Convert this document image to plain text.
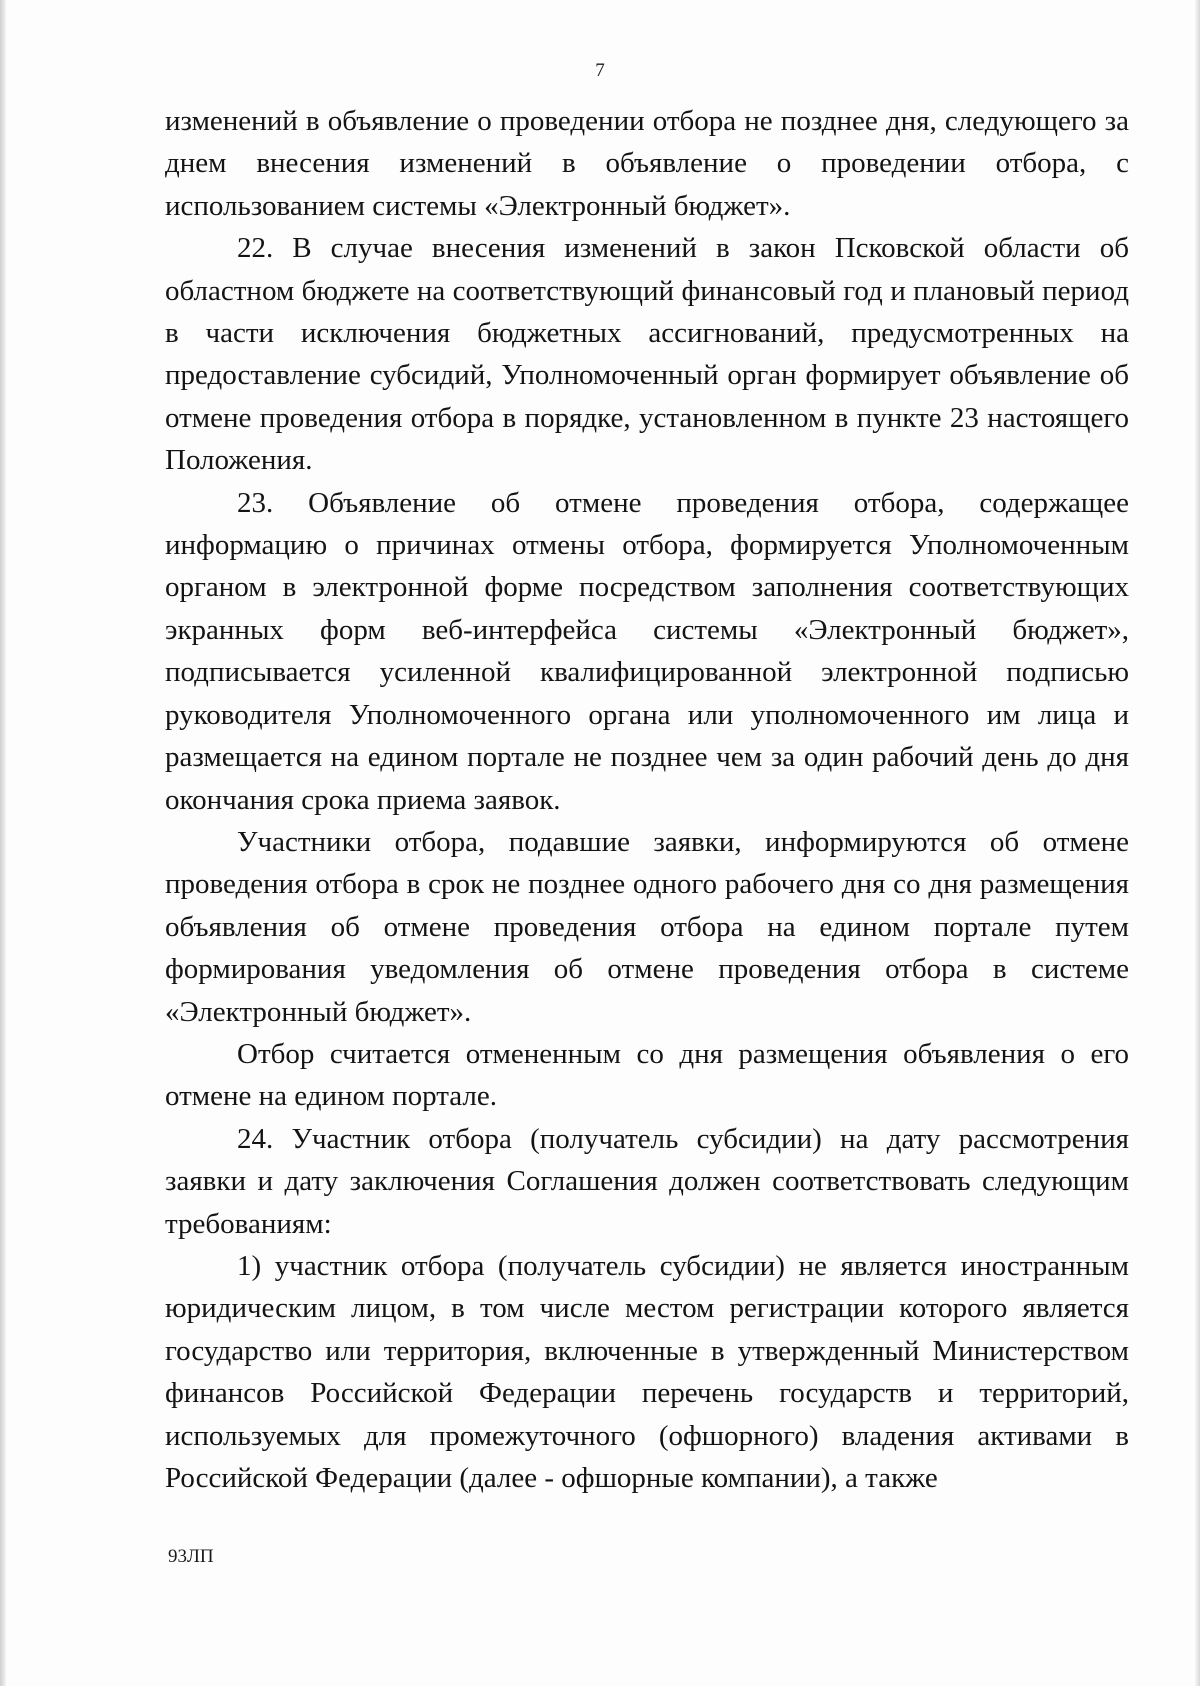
7

изменений в объявление о проведении отбора не позднее дня, следующего за днем внесения изменений в объявление о проведении отбора, с использованием системы «Электронный бюджет».

22. В случае внесения изменений в закон Псковской области об областном бюджете на соответствующий финансовый год и плановый период в части исключения бюджетных ассигнований, предусмотренных на предоставление субсидий, Уполномоченный орган формирует объявление об отмене проведения отбора в порядке, установленном в пункте 23 настоящего Положения.

23. Объявление об отмене проведения отбора, содержащее информацию о причинах отмены отбора, формируется Уполномоченным органом в электронной форме посредством заполнения соответствующих экранных форм веб-интерфейса системы «Электронный бюджет», подписывается усиленной квалифицированной электронной подписью руководителя Уполномоченного органа или уполномоченного им лица и размещается на едином портале не позднее чем за один рабочий день до дня окончания срока приема заявок.

Участники отбора, подавшие заявки, информируются об отмене проведения отбора в срок не позднее одного рабочего дня со дня размещения объявления об отмене проведения отбора на едином портале путем формирования уведомления об отмене проведения отбора в системе «Электронный бюджет».

Отбор считается отмененным со дня размещения объявления о его отмене на едином портале.

24. Участник отбора (получатель субсидии) на дату рассмотрения заявки и дату заключения Соглашения должен соответствовать следующим требованиям:

1) участник отбора (получатель субсидии) не является иностранным юридическим лицом, в том числе местом регистрации которого является государство или территория, включенные в утвержденный Министерством финансов Российской Федерации перечень государств и территорий, используемых для промежуточного (офшорного) владения активами в Российской Федерации (далее - офшорные компании), а также

93ЛП
